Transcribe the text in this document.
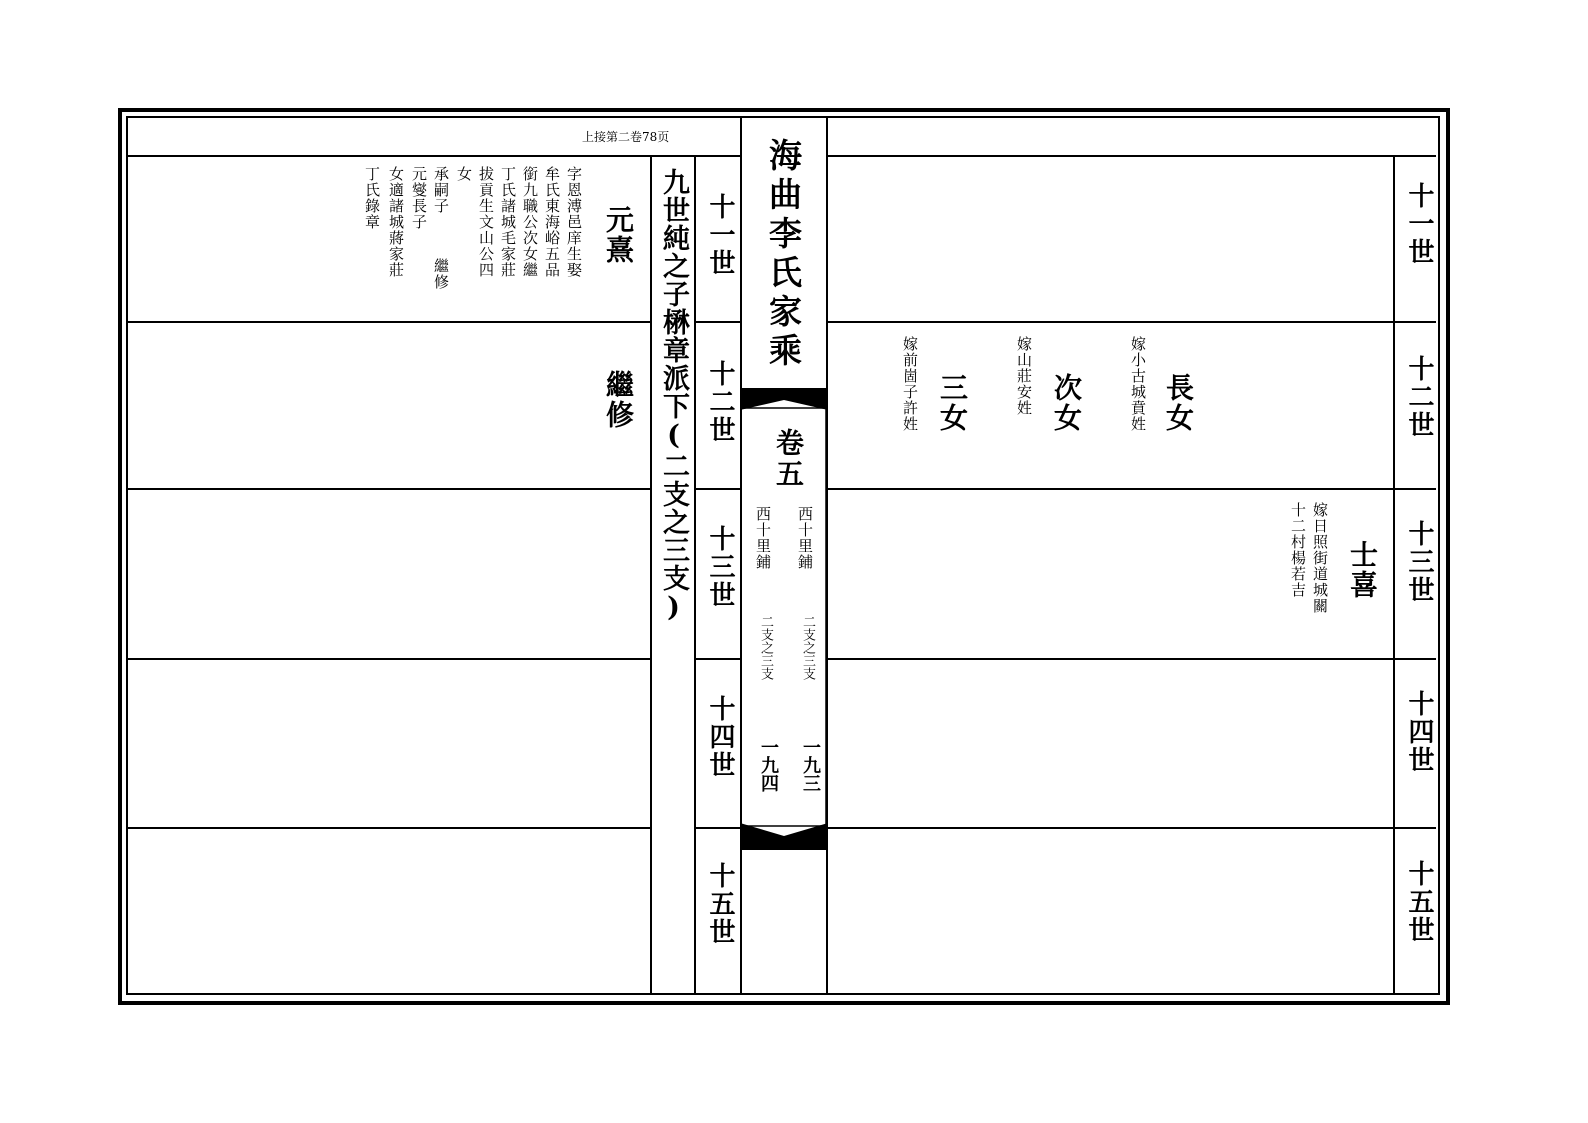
上接第二卷78页
九世純之子楙章派下(二支之三支) 十一世
十二世
十三世
十四世
十五世
元熹
字恩溥邑庠生娶
牟氏東海峪五品
銜九職公次女繼
丁氏諸城毛家莊
拔貢生文山公四
女
承嗣子
繼修
元燮長子
女適諸城蔣家莊
丁氏錄章
繼修
海曲李氏家乘
卷五
西十里鋪
西十里鋪
二支之三支
二支之三支
一九三
一九四
十一世
十二世
十三世
十四世
十五世
長女
嫁小古城賁姓
次女
嫁山莊安姓
三女
嫁前崮子許姓
士喜
嫁日照街道城關
十二村楊若吉
